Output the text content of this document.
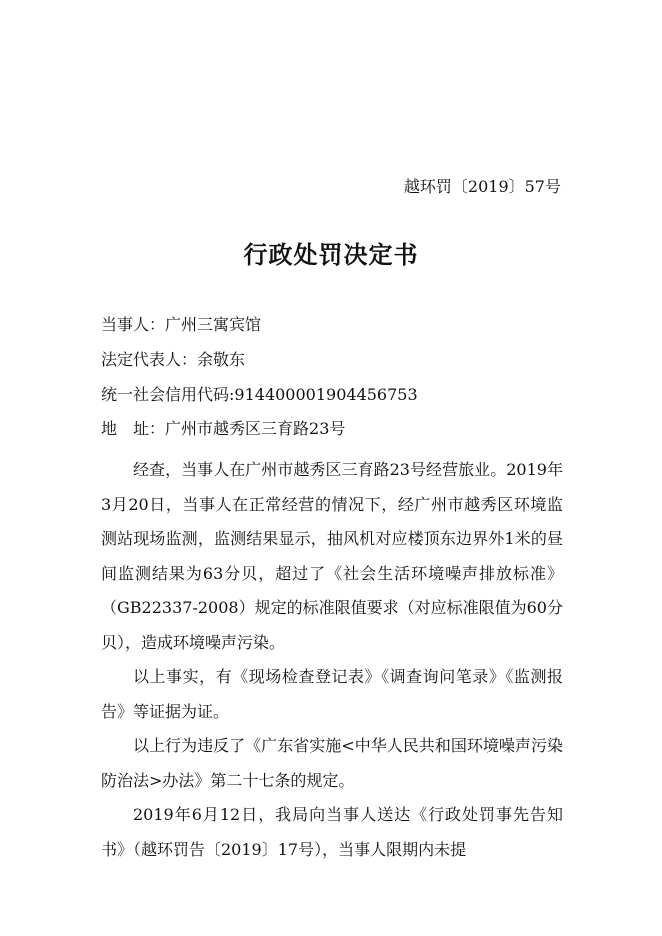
越环罚〔2019〕57号
行政处罚决定书
当事人：广州三寓宾馆
法定代表人：余敬东
统一社会信用代码:914400001904456753
地　址：广州市越秀区三育路23号

经查，当事人在广州市越秀区三育路23号经营旅业。2019年3月20日，当事人在正常经营的情况下，经广州市越秀区环境监测站现场监测，监测结果显示，抽风机对应楼顶东边界外1米的昼间监测结果为63分贝，超过了《社会生活环境噪声排放标准》（GB22337-2008）规定的标准限值要求（对应标准限值为60分贝），造成环境噪声污染。

以上事实，有《现场检查登记表》《调查询问笔录》《监测报告》等证据为证。

以上行为违反了《广东省实施<中华人民共和国环境噪声污染防治法>办法》第二十七条的规定。

2019年6月12日，我局向当事人送达《行政处罚事先告知书》（越环罚告〔2019〕17号），当事人限期内未提
